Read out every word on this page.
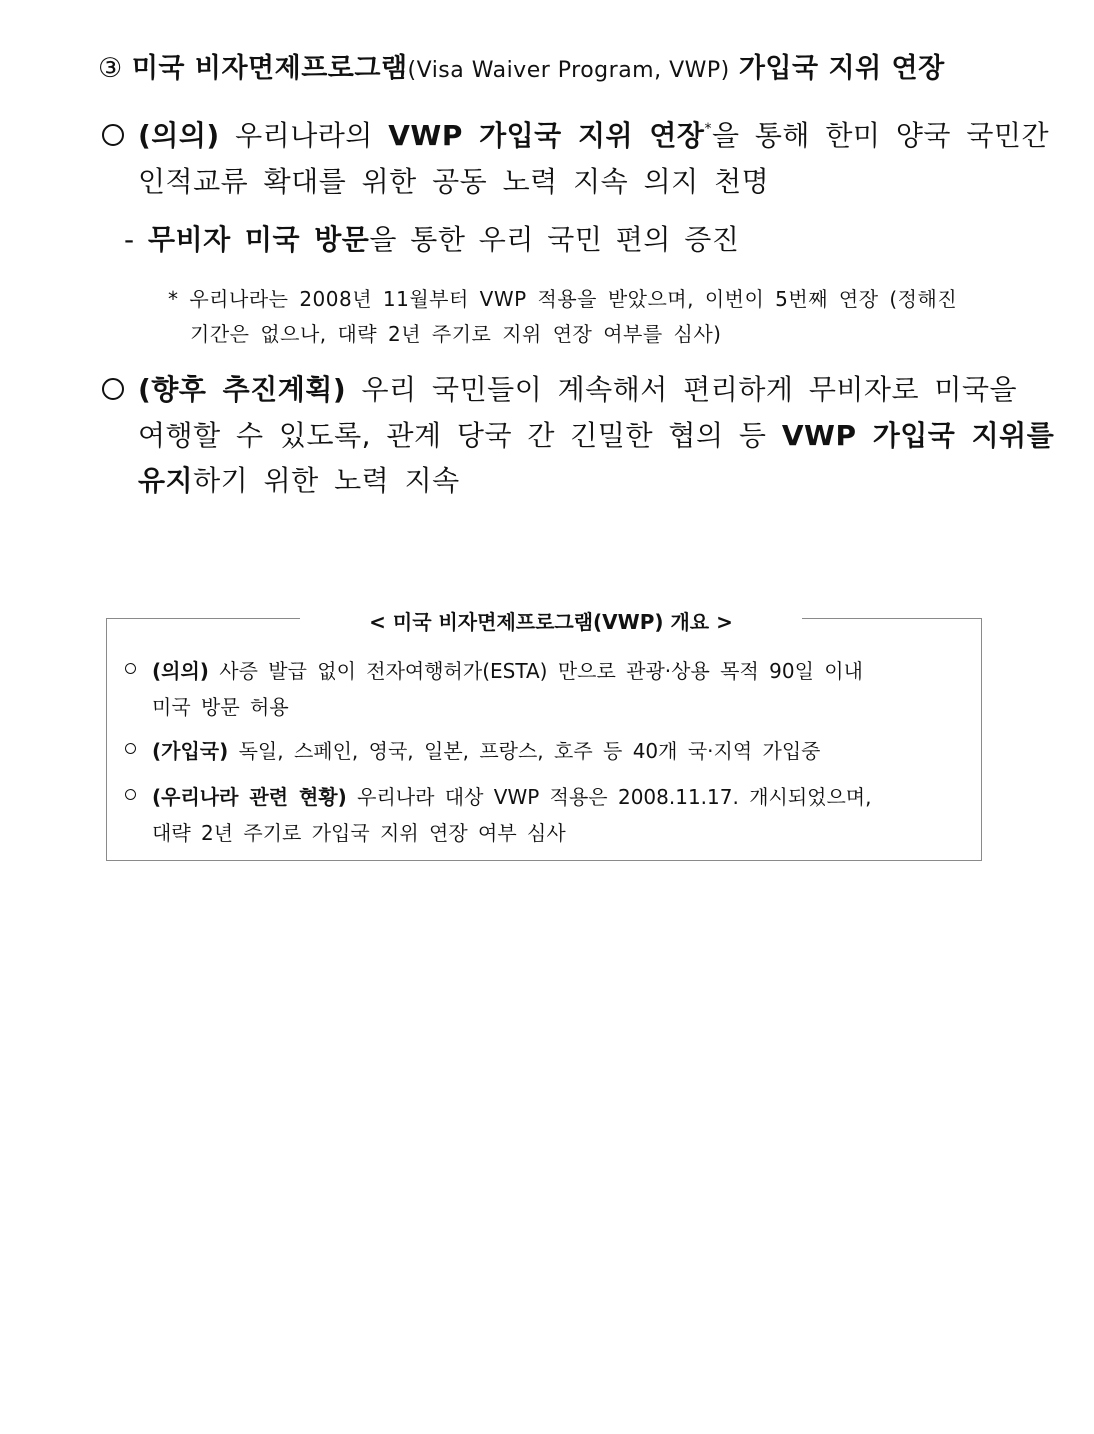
③ 미국 비자면제프로그램(Visa Waiver Program, VWP) 가입국 지위 연장
(의의) 우리나라의 VWP 가입국 지위 연장*을 통해 한미 양국 국민간
인적교류 확대를 위한 공동 노력 지속 의지 천명
- 무비자 미국 방문을 통한 우리 국민 편의 증진
* 우리나라는 2008년 11월부터 VWP 적용을 받았으며, 이번이 5번째 연장 (정해진
기간은 없으나, 대략 2년 주기로 지위 연장 여부를 심사)
(향후 추진계획) 우리 국민들이 계속해서 편리하게 무비자로 미국을
여행할 수 있도록, 관계 당국 간 긴밀한 협의 등 VWP 가입국 지위를
유지하기 위한 노력 지속
< 미국 비자면제프로그램(VWP) 개요 >
(의의) 사증 발급 없이 전자여행허가(ESTA) 만으로 관광·상용 목적 90일 이내
미국 방문 허용
(가입국) 독일, 스페인, 영국, 일본, 프랑스, 호주 등 40개 국·지역 가입중
(우리나라 관련 현황) 우리나라 대상 VWP 적용은 2008.11.17. 개시되었으며,
대략 2년 주기로 가입국 지위 연장 여부 심사
